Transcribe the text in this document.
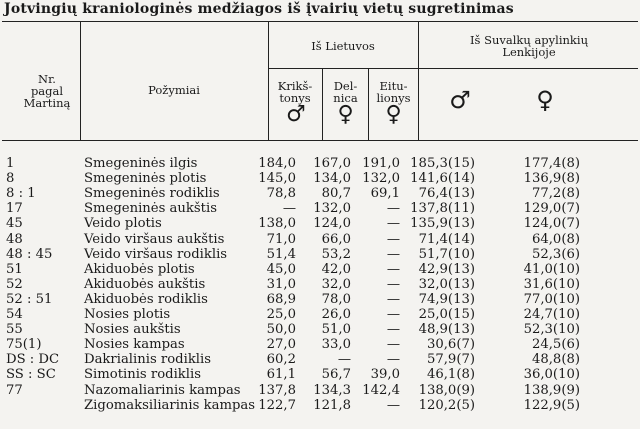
Jotvingių kraniologinės medžiagos iš įvairių vietų sugretinimas
Nr.
pagal
Martiną
Požymiai
Iš Lietuvos	Iš Suvalkų apylinkių
Lenkijoje
Krikš-
tonys
♂
Del-
nica
♀
Eitu-
lionys
♀
♂	♀
1	Smegeninės ilgis	184,0 167,0 191,0 185,3(15)	177,4(8)
8	Smegeninės plotis	145,0 134,0 132,0 141,6(14)	136,9(8)
8 : 1	Smegeninės rodiklis	78,8 80,7 69,1 76,4(13)	77,2(8)
17	Smegeninės aukštis	— 132,0	— 137,8(11)	129,0(7)
45	Veido plotis	138,0 124,0	— 135,9(13)	124,0(7)
48	Veido viršaus aukštis	71,0 66,0	— 71,4(14)	64,0(8)
48 : 45 Veido viršaus rodiklis	51,4 53,2	— 51,7(10)	52,3(6)
51	Akiduobės plotis	45,0 42,0	— 42,9(13)	41,0(10)
52	Akiduobės aukštis	31,0 32,0	— 32,0(13)	31,6(10)
52 : 51 Akiduobės rodiklis	68,9 78,0	— 74,9(13)	77,0(10)
54	Nosies plotis	25,0 26,0	— 25,0(15)	24,7(10)
55	Nosies aukštis	50,0 51,0	— 48,9(13)	52,3(10)
75(1)	Nosies kampas	27,0 33,0	— 30,6(7)	24,5(6)
DS : DC Dakrialinis rodiklis	60,2	—	— 57,9(7)	48,8(8)
SS : SC Simotinis rodiklis	61,1 56,7 39,0 46,1(8)	36,0(10)
77	Nazomaliarinis kampas 137,8 134,3 142,4 138,0(9)	138,9(9)
Zigomaksiliarinis kampas 122,7 121,8	— 120,2(5)	122,9(5)
